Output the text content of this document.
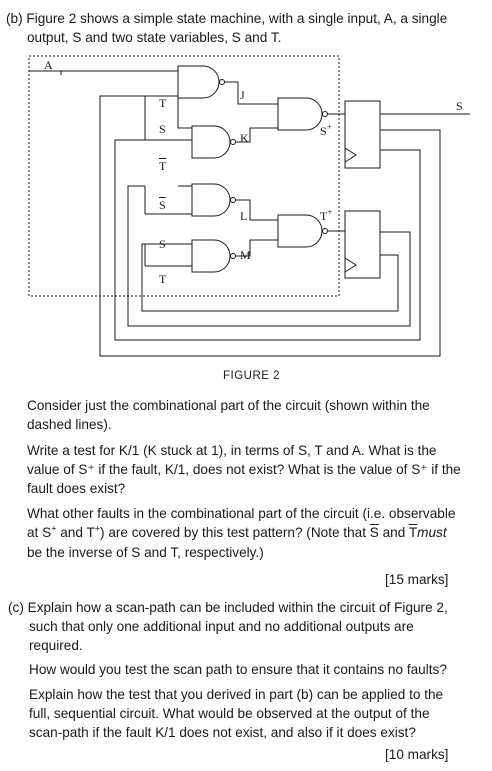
(b) Figure 2 shows a simple state machine, with a single input, A, a single
output, S and two state variables, S and T.
A
S
T
S
$\overline{T}$
$\overline{S}$
S
T
J
K
L
M
S+
T+
FIGURE 2
Consider just the combinational part of the circuit (shown within the
dashed lines).
Write a test for K/1 (K stuck at 1), in terms of S, T and A. What is the
value of S⁺ if the fault, K/1, does not exist? What is the value of S⁺ if the
fault does exist?
What other faults in the combinational part of the circuit (i.e. observable
at S+ and T+) are covered by this test pattern? (Note that $\overline{S}$ and $\overline{T}must$
be the inverse of S and T, respectively.)
[15 marks]
(c) Explain how a scan-path can be included within the circuit of Figure 2,
such that only one additional input and no additional outputs are
required.
How would you test the scan path to ensure that it contains no faults?
Explain how the test that you derived in part (b) can be applied to the
full, sequential circuit. What would be observed at the output of the
scan-path if the fault K/1 does not exist, and also if it does exist?
[10 marks]
